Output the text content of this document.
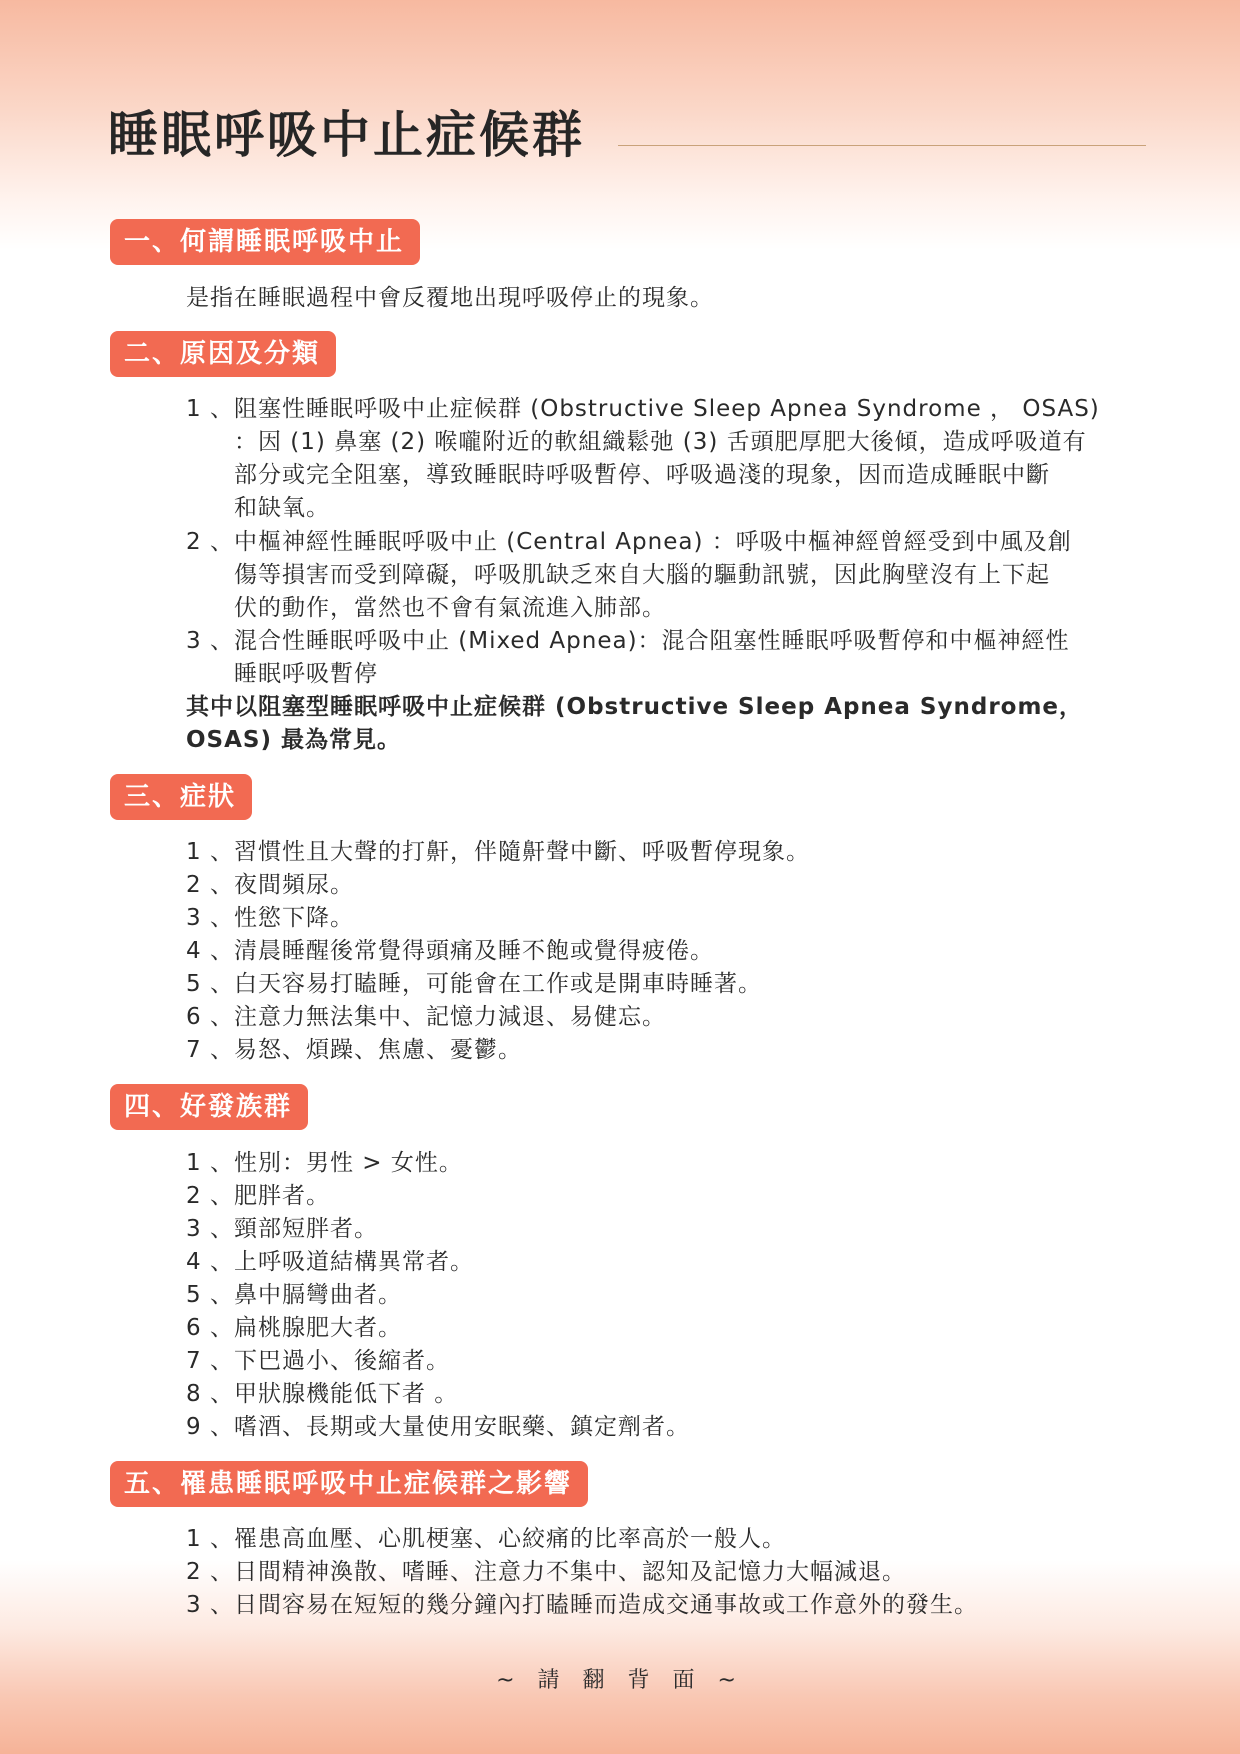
睡眠呼吸中止症候群
一、何謂睡眠呼吸中止
是指在睡眠過程中會反覆地出現呼吸停止的現象。
二、原因及分類
1 、阻塞性睡眠呼吸中止症候群 (Obstructive Sleep Apnea Syndrome ， OSAS)
：因 (1) 鼻塞 (2) 喉嚨附近的軟組織鬆弛 (3) 舌頭肥厚肥大後傾，造成呼吸道有
部分或完全阻塞，導致睡眠時呼吸暫停、呼吸過淺的現象，因而造成睡眠中斷
和缺氧。
2 、中樞神經性睡眠呼吸中止 (Central Apnea) ：呼吸中樞神經曾經受到中風及創
傷等損害而受到障礙，呼吸肌缺乏來自大腦的驅動訊號，因此胸壁沒有上下起
伏的動作，當然也不會有氣流進入肺部。
3 、混合性睡眠呼吸中止 (Mixed Apnea)：混合阻塞性睡眠呼吸暫停和中樞神經性
睡眠呼吸暫停
其中以阻塞型睡眠呼吸中止症候群 (Obstructive Sleep Apnea Syndrome，
OSAS) 最為常見。
三、症狀
1 、習慣性且大聲的打鼾，伴隨鼾聲中斷、呼吸暫停現象。
2 、夜間頻尿。
3 、性慾下降。
4 、清晨睡醒後常覺得頭痛及睡不飽或覺得疲倦。
5 、白天容易打瞌睡，可能會在工作或是開車時睡著。
6 、注意力無法集中、記憶力減退、易健忘。
7 、易怒、煩躁、焦慮、憂鬱。
四、好發族群
1 、性別：男性 > 女性。
2 、肥胖者。
3 、頸部短胖者。
4 、上呼吸道結構異常者。
5 、鼻中膈彎曲者。
6 、扁桃腺肥大者。
7 、下巴過小、後縮者。
8 、甲狀腺機能低下者 。
9 、嗜酒、長期或大量使用安眠藥、鎮定劑者。
五、罹患睡眠呼吸中止症候群之影響
1 、罹患高血壓、心肌梗塞、心絞痛的比率高於一般人。
2 、日間精神渙散、嗜睡、注意力不集中、認知及記憶力大幅減退。
3 、日間容易在短短的幾分鐘內打瞌睡而造成交通事故或工作意外的發生。
~ 請 翻 背 面 ~
